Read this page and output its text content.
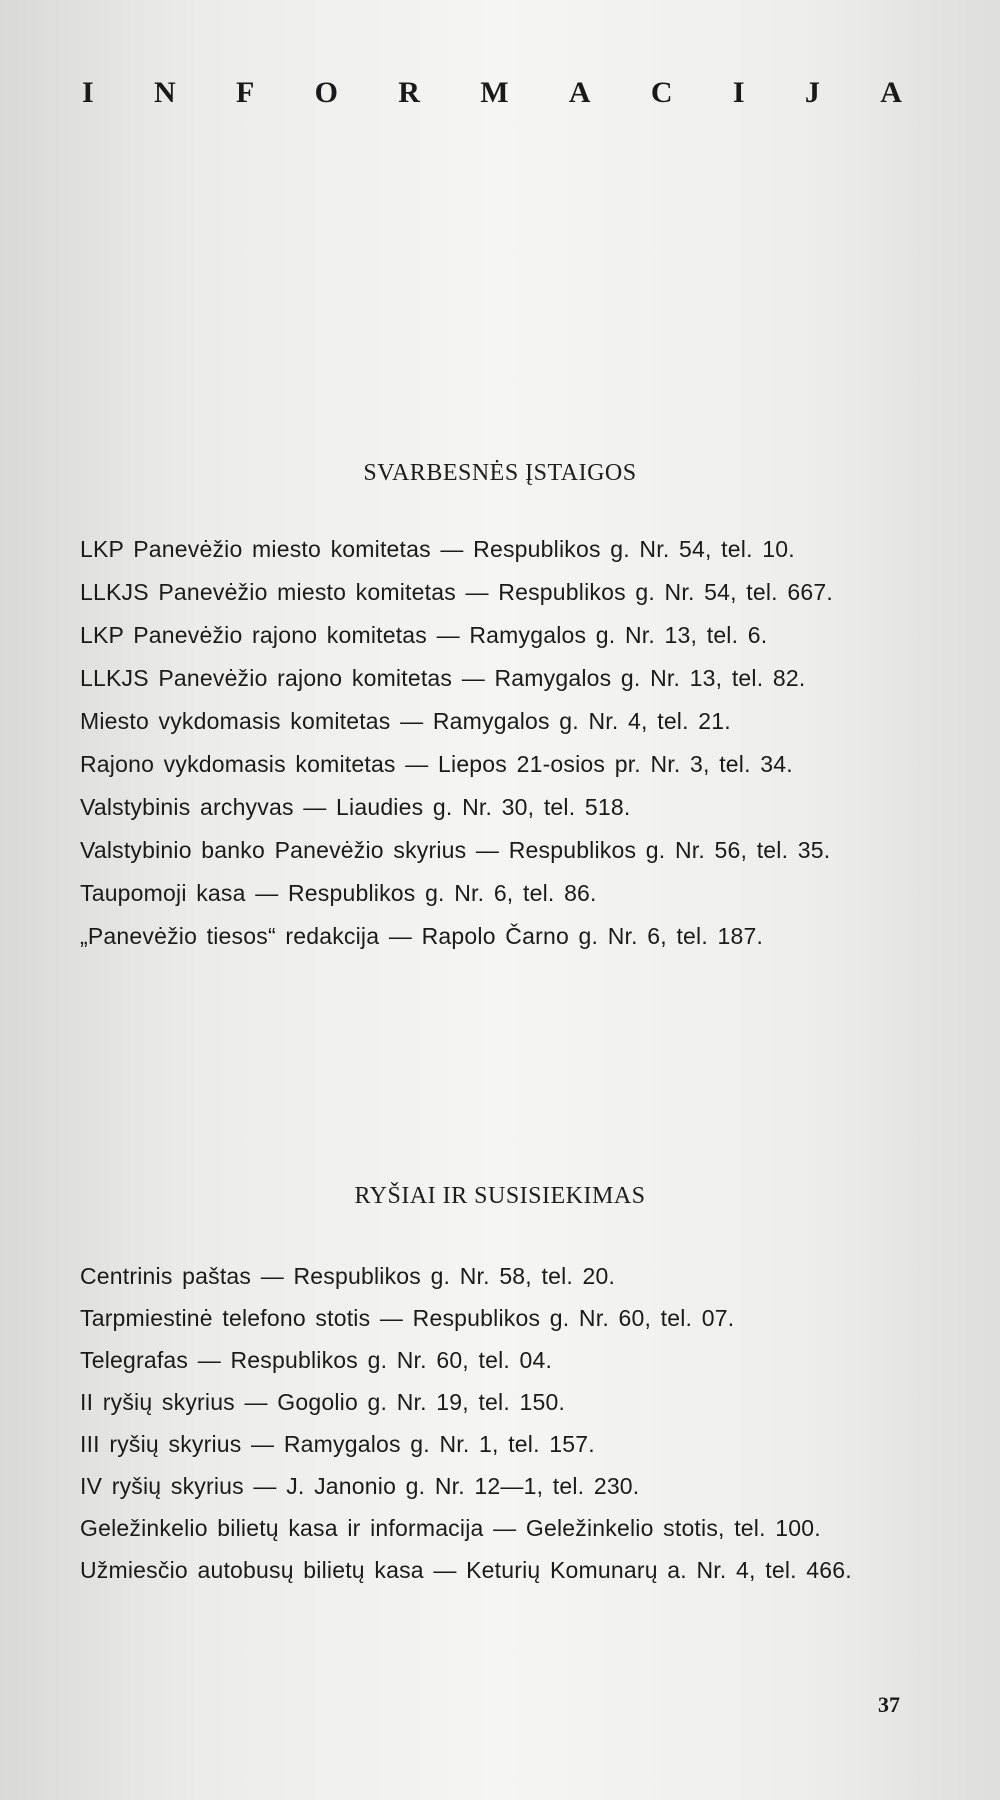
I N F O R M A C I J A
SVARBESNĖS ĮSTAIGOS
LKP Panevėžio miesto komitetas — Respublikos g. Nr. 54, tel. 10.
LLKJS Panevėžio miesto komitetas — Respublikos g. Nr. 54, tel. 667.
LKP Panevėžio rajono komitetas — Ramygalos g. Nr. 13, tel. 6.
LLKJS Panevėžio rajono komitetas — Ramygalos g. Nr. 13, tel. 82.
Miesto vykdomasis komitetas — Ramygalos g. Nr. 4, tel. 21.
Rajono vykdomasis komitetas — Liepos 21-osios pr. Nr. 3, tel. 34.
Valstybinis archyvas — Liaudies g. Nr. 30, tel. 518.
Valstybinio banko Panevėžio skyrius — Respublikos g. Nr. 56, tel. 35.
Taupomoji kasa — Respublikos g. Nr. 6, tel. 86.
„Panevėžio tiesos“ redakcija — Rapolo Čarno g. Nr. 6, tel. 187.
RYŠIAI IR SUSISIEKIMAS
Centrinis paštas — Respublikos g. Nr. 58, tel. 20.
Tarpmiestinė telefono stotis — Respublikos g. Nr. 60, tel. 07.
Telegrafas — Respublikos g. Nr. 60, tel. 04.
II ryšių skyrius — Gogolio g. Nr. 19, tel. 150.
III ryšių skyrius — Ramygalos g. Nr. 1, tel. 157.
IV ryšių skyrius — J. Janonio g. Nr. 12—1, tel. 230.
Geležinkelio bilietų kasa ir informacija — Geležinkelio stotis, tel. 100.
Užmiesčio autobusų bilietų kasa — Keturių Komunarų a. Nr. 4, tel. 466.
37
